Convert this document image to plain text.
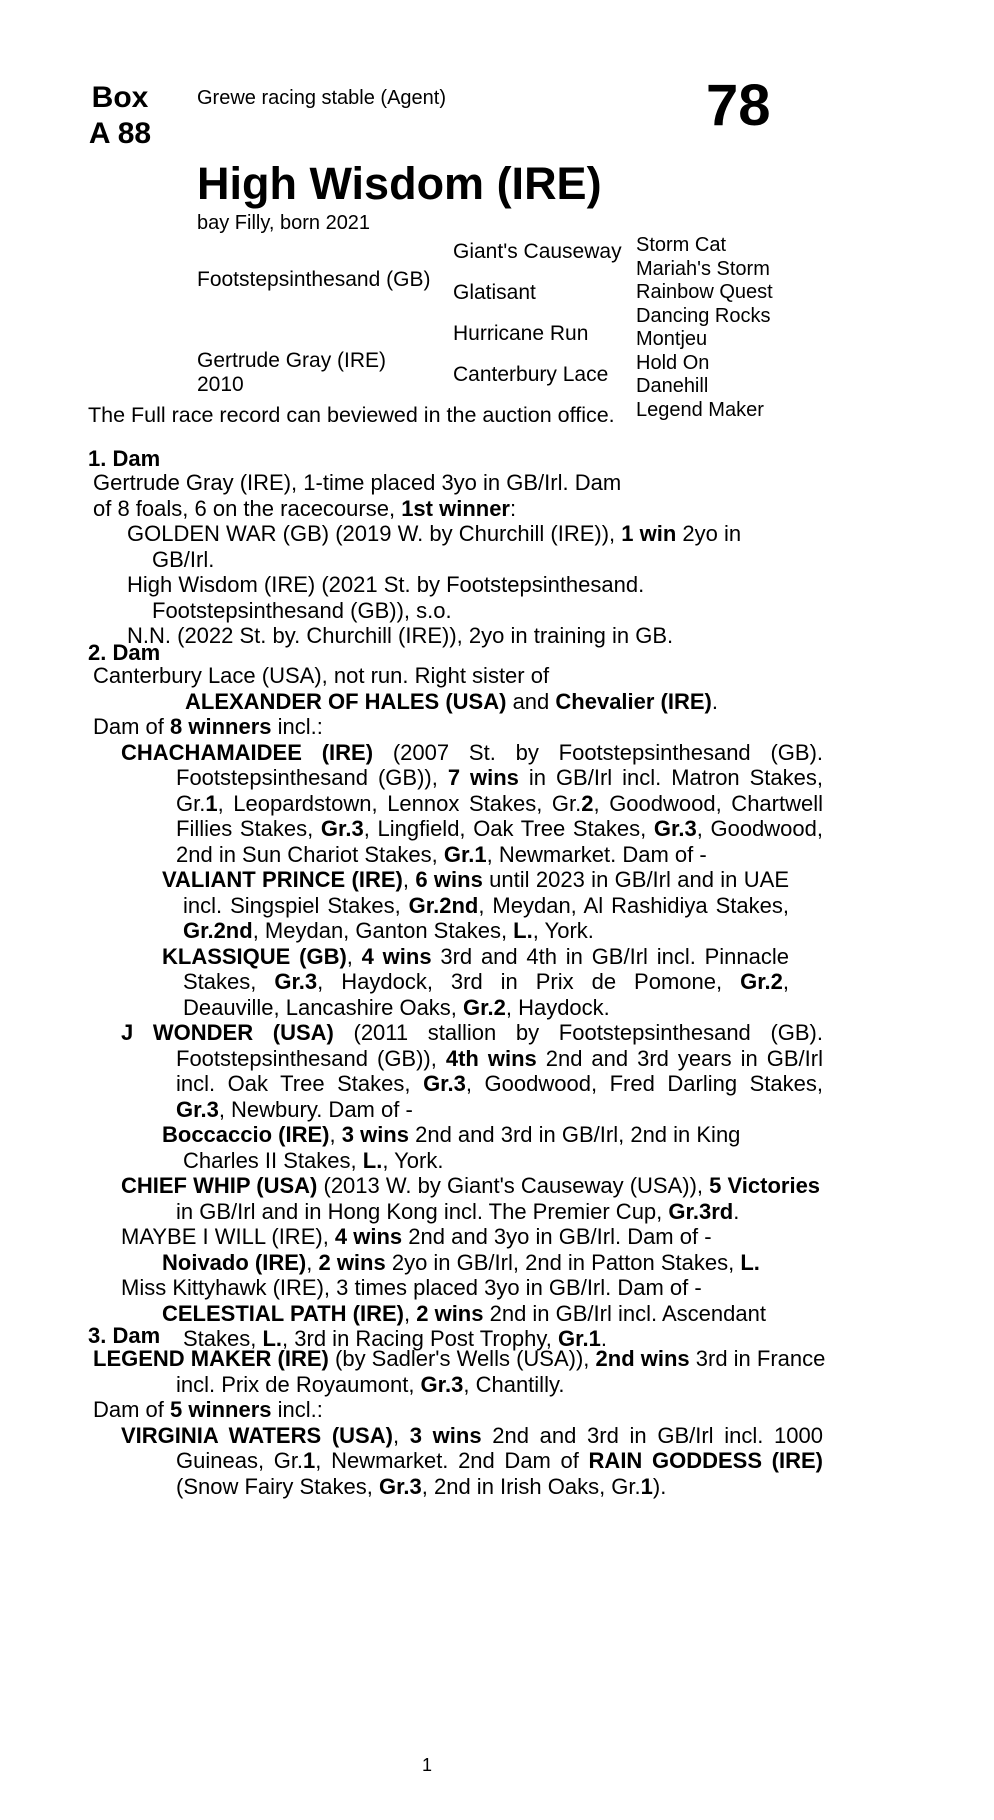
Box
A 88
Grewe racing stable (Agent)	78
High Wisdom (IRE)
bay Filly, born 2021
Footstepsinthesand (GB)
Gertrude Gray (IRE)
2010
Giant's Causeway
Glatisant
Hurricane Run
Canterbury Lace
Storm Cat
Mariah's Storm
Rainbow Quest
Dancing Rocks
Montjeu
Hold On
Danehill
Legend Maker
The Full race record can beviewed in the auction office.
1. Dam

Gertrude Gray (IRE), 1-time placed 3yo in GB/Irl. Dam
of 8 foals, 6 on the racecourse, 1st winner:

GOLDEN WAR (GB) (2019 W. by Churchill (IRE)), 1 win 2yo in GB/Irl.

High Wisdom (IRE) (2021 St. by Footstepsinthesand. Footstepsinthesand (GB)), s.o.

N.N. (2022 St. by. Churchill (IRE)), 2yo in training in GB.

2. Dam

Canterbury Lace (USA), not run. Right sister of

ALEXANDER OF HALES (USA) and Chevalier (IRE).

Dam of 8 winners incl.:

CHACHAMAIDEE (IRE) (2007 St. by Footstepsinthesand (GB). Footstepsinthesand (GB)), 7 wins in GB/Irl incl. Matron Stakes, Gr.1, Leopardstown, Lennox Stakes, Gr.2, Goodwood, Chartwell Fillies Stakes, Gr.3, Lingfield, Oak Tree Stakes, Gr.3, Goodwood, 2nd in Sun Chariot Stakes, Gr.1, Newmarket. Dam of -

VALIANT PRINCE (IRE), 6 wins until 2023 in GB/Irl and in UAE incl. Singspiel Stakes, Gr.2nd, Meydan, Al Rashidiya Stakes, Gr.2nd, Meydan, Ganton Stakes, L., York.

KLASSIQUE (GB), 4 wins 3rd and 4th in GB/Irl incl. Pinnacle Stakes, Gr.3, Haydock, 3rd in Prix de Pomone, Gr.2, Deauville, Lancashire Oaks, Gr.2, Haydock.

J WONDER (USA) (2011 stallion by Footstepsinthesand (GB). Footstepsinthesand (GB)), 4th wins 2nd and 3rd years in GB/Irl incl. Oak Tree Stakes, Gr.3, Goodwood, Fred Darling Stakes, Gr.3, Newbury. Dam of -

Boccaccio (IRE), 3 wins 2nd and 3rd in GB/Irl, 2nd in King Charles II Stakes, L., York.

CHIEF WHIP (USA) (2013 W. by Giant's Causeway (USA)), 5 Victories in GB/Irl and in Hong Kong incl. The Premier Cup, Gr.3rd.

MAYBE I WILL (IRE), 4 wins 2nd and 3yo in GB/Irl. Dam of -

Noivado (IRE), 2 wins 2yo in GB/Irl, 2nd in Patton Stakes, L.

Miss Kittyhawk (IRE), 3 times placed 3yo in GB/Irl. Dam of -

CELESTIAL PATH (IRE), 2 wins 2nd in GB/Irl incl. Ascendant Stakes, L., 3rd in Racing Post Trophy, Gr.1.

3. Dam

LEGEND MAKER (IRE) (by Sadler's Wells (USA)), 2nd wins 3rd in France incl. Prix de Royaumont, Gr.3, Chantilly.

Dam of 5 winners incl.:

VIRGINIA WATERS (USA), 3 wins 2nd and 3rd in GB/Irl incl. 1000 Guineas, Gr.1, Newmarket. 2nd Dam of RAIN GODDESS (IRE) (Snow Fairy Stakes, Gr.3, 2nd in Irish Oaks, Gr.1).

1
